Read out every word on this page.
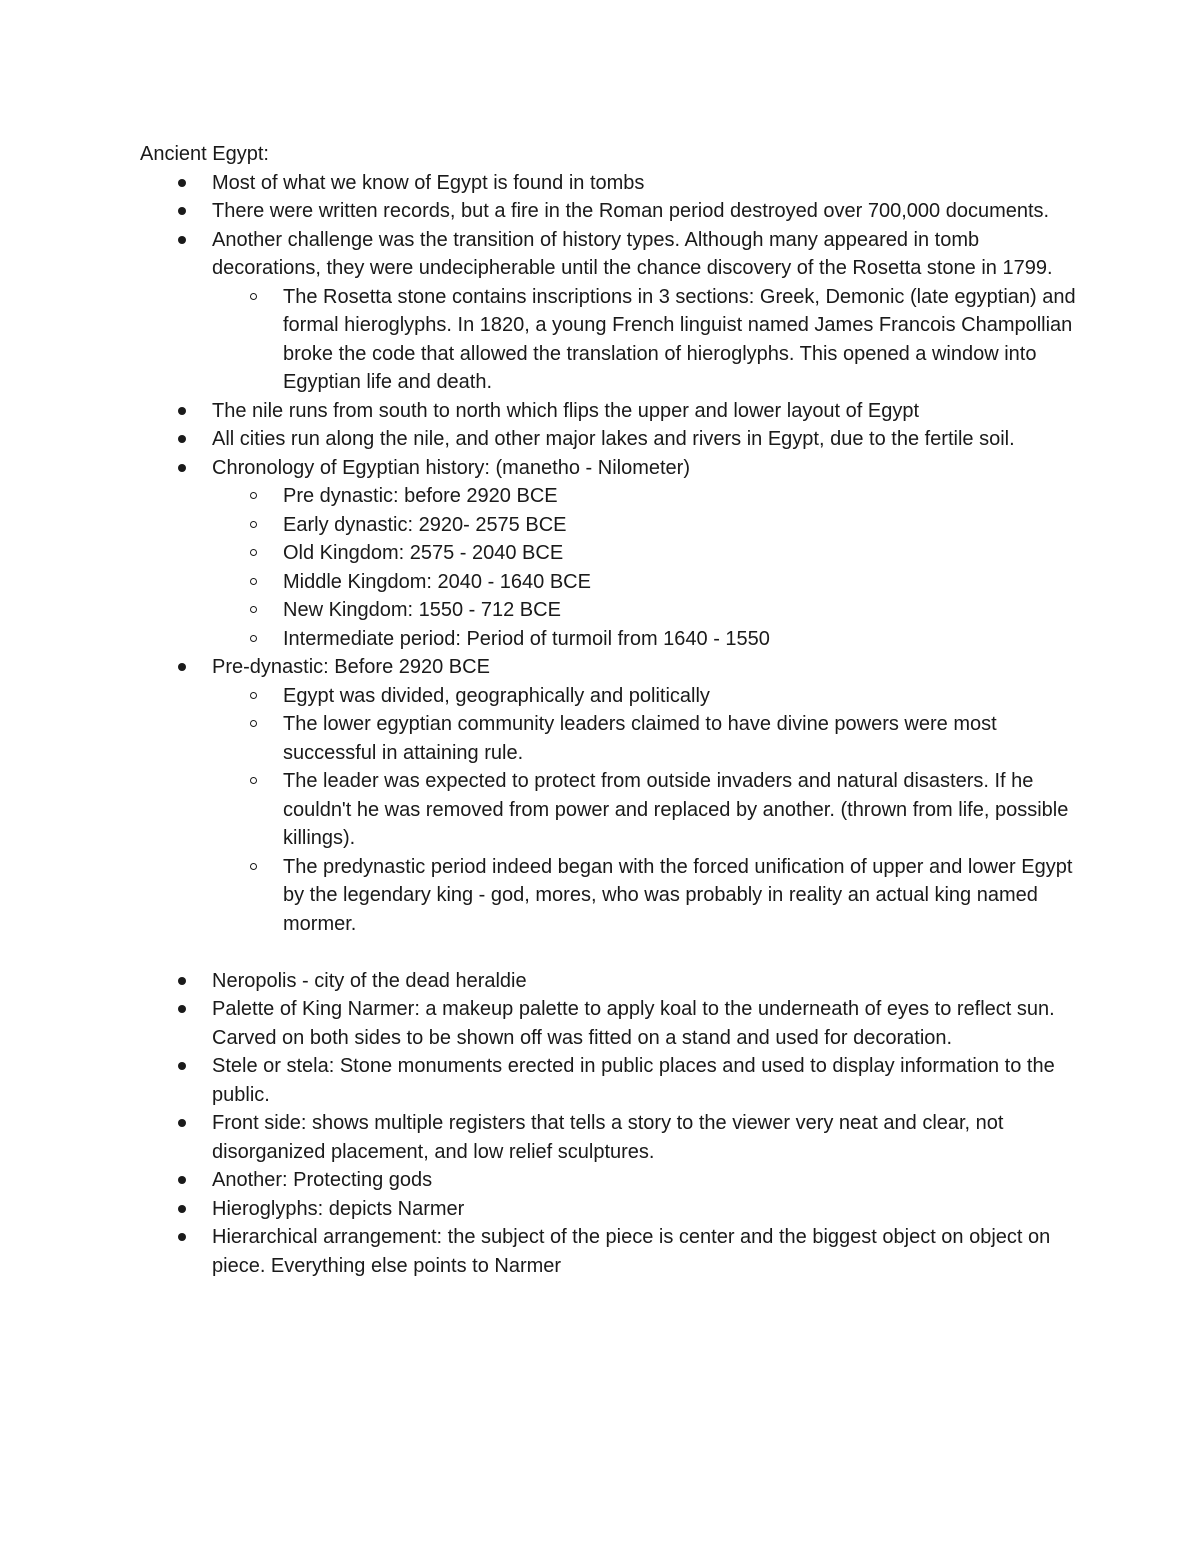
Ancient Egypt:
Most of what we know of Egypt is found in tombs
There were written records, but a fire in the Roman period destroyed over 700,000 documents.
Another challenge was the transition of history types. Although many appeared in tomb decorations, they were undecipherable until the chance discovery of the Rosetta stone in 1799.
The Rosetta stone contains inscriptions in 3 sections: Greek, Demonic (late egyptian) and formal hieroglyphs. In 1820, a young French linguist named James Francois Champollian broke the code that allowed the translation of hieroglyphs. This opened a window into Egyptian life and death.
The nile runs from south to north which flips the upper and lower layout of Egypt
All cities run along the nile, and other major lakes and rivers in Egypt, due to the fertile soil.
Chronology of Egyptian history: (manetho - Nilometer)
Pre dynastic: before 2920 BCE
Early dynastic: 2920- 2575 BCE
Old Kingdom: 2575 - 2040 BCE
Middle Kingdom: 2040 - 1640 BCE
New Kingdom: 1550 - 712 BCE
Intermediate period: Period of turmoil from 1640 - 1550
Pre-dynastic: Before 2920 BCE
Egypt was divided, geographically and politically
The lower egyptian community leaders claimed to have divine powers were most successful in attaining rule.
The leader was expected to protect from outside invaders and natural disasters. If he couldn't he was removed from power and replaced by another. (thrown from life, possible killings).
The predynastic period indeed began with the forced unification of upper and lower Egypt by the legendary king - god, mores, who was probably in reality an actual king named mormer.
Neropolis - city of the dead heraldie
Palette of King Narmer: a makeup palette to apply koal to the underneath of eyes to reflect sun. Carved on both sides to be shown off was fitted on a stand and used for decoration.
Stele or stela: Stone monuments erected in public places and used to display information to the public.
Front side: shows multiple registers that tells a story to the viewer very neat and clear, not disorganized placement, and low relief sculptures.
Another: Protecting gods
Hieroglyphs: depicts Narmer
Hierarchical arrangement: the subject of the piece is center and the biggest object on object on piece. Everything else points to Narmer
